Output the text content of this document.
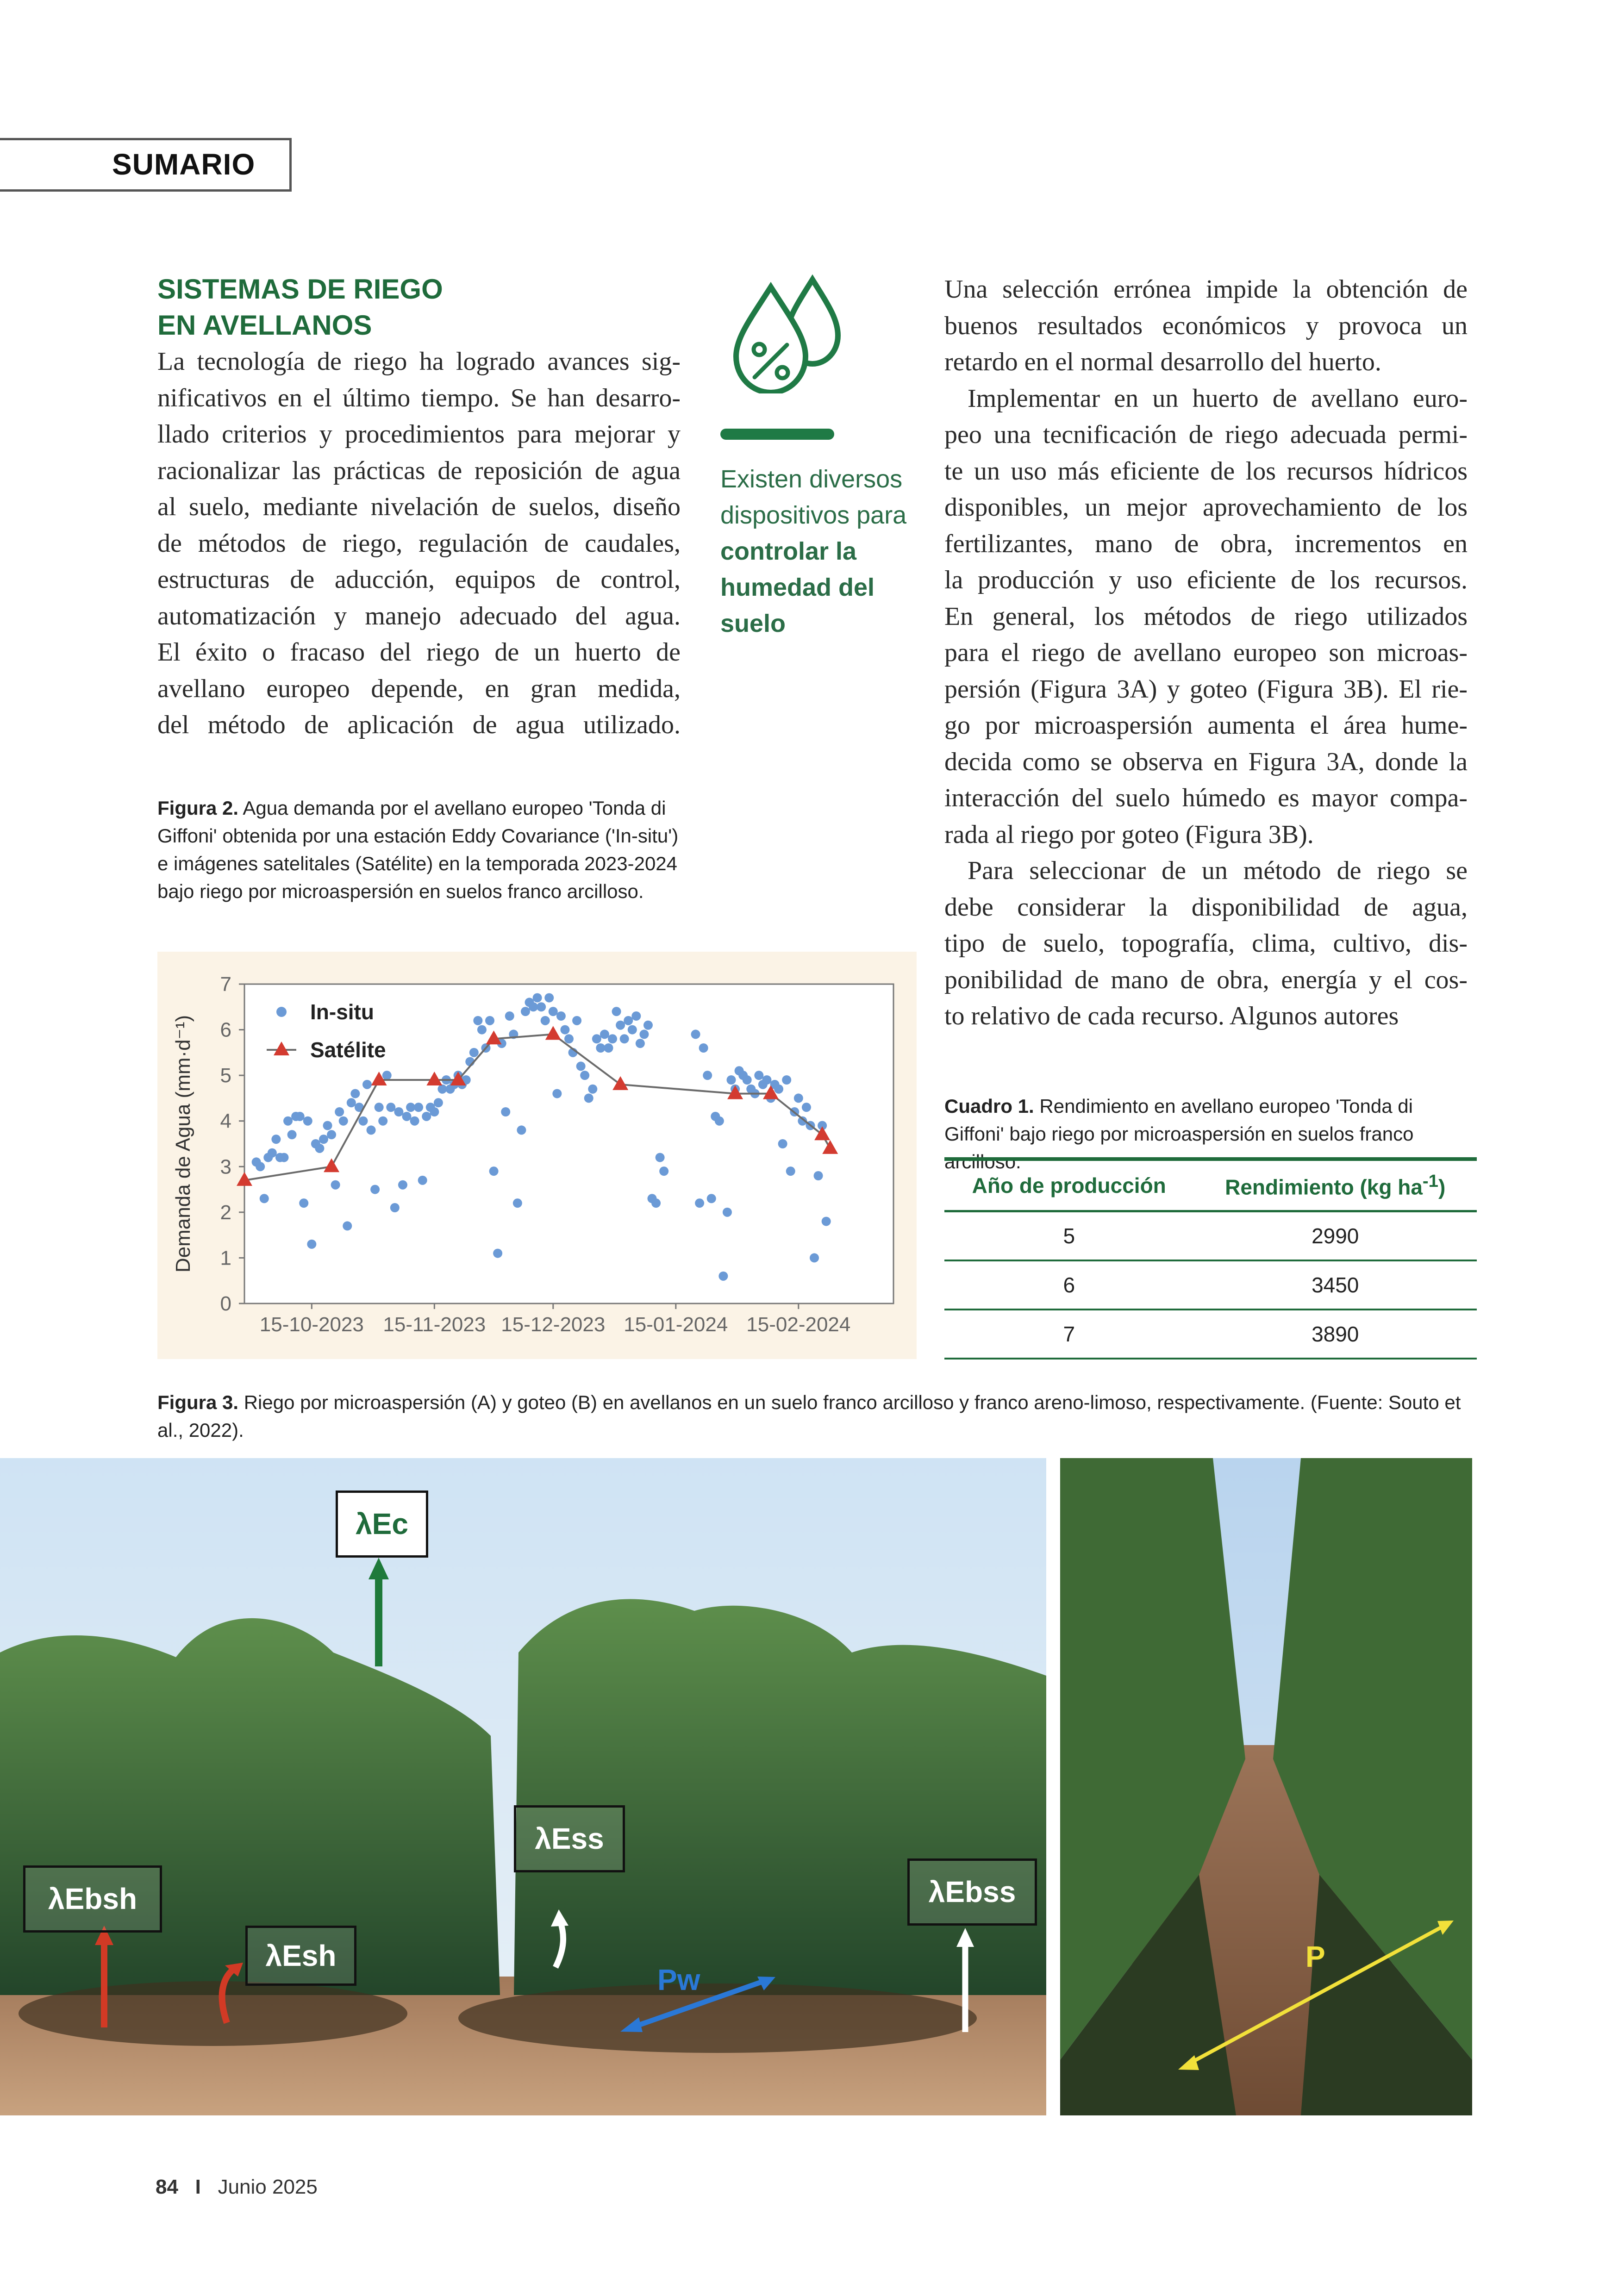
SUMARIO
SISTEMAS DE RIEGO
EN AVELLANOS
La tecnología de riego ha logrado avances sig-
nificativos en el último tiempo. Se han desarro-
llado criterios y procedimientos para mejorar y
racionalizar las prácticas de reposición de agua
al suelo, mediante nivelación de suelos, diseño
de métodos de riego, regulación de caudales,
estructuras de aducción, equipos de control,
automatización y manejo adecuado del agua.
El éxito o fracaso del riego de un huerto de
avellano europeo depende, en gran medida,
del método de aplicación de agua utilizado.
Existen diversos dispositivos para controlar la humedad del suelo
Una selección errónea impide la obtención de
buenos resultados económicos y provoca un
retardo en el normal desarrollo del huerto.
Implementar en un huerto de avellano euro-
peo una tecnificación de riego adecuada permi-
te un uso más eficiente de los recursos hídricos
disponibles, un mejor aprovechamiento de los
fertilizantes, mano de obra, incrementos en
la producción y uso eficiente de los recursos.
En general, los métodos de riego utilizados
para el riego de avellano europeo son microas-
persión (Figura 3A) y goteo (Figura 3B). El rie-
go por microaspersión aumenta el área hume-
decida como se observa en Figura 3A, donde la
interacción del suelo húmedo es mayor compa-
rada al riego por goteo (Figura 3B).
Para seleccionar de un método de riego se
debe considerar la disponibilidad de agua,
tipo de suelo, topografía, clima, cultivo, dis-
ponibilidad de mano de obra, energía y el cos-
to relativo de cada recurso. Algunos autores
Figura 2. Agua demanda por el avellano europeo 'Tonda di Giffoni' obtenida por una estación Eddy Covariance ('In-situ') e imágenes satelitales (Satélite) en la temporada 2023-2024 bajo riego por microaspersión en suelos franco arcilloso.
0
1
2
3
4
5
6
7
15-10-2023 15-11-2023 15-12-2023 15-01-2024 15-02-2024
Demanda de Agua (mm·d⁻¹)
In-situ
Satélite
Cuadro 1. Rendimiento en avellano europeo 'Tonda di Giffoni' bajo riego por microaspersión en suelos franco arcilloso.
Año de producción	Rendimiento (kg $ha^{-1}$)
5	2990
6	3450
7	3890
Figura 3. Riego por microaspersión (A) y goteo (B) en avellanos en un suelo franco arcilloso y franco areno-limoso, respectivamente. (Fuente: Souto et al., 2022).
λEc
λEss
λEbsh
λEsh
λEbss
Pw
P
84 I Junio 2025
